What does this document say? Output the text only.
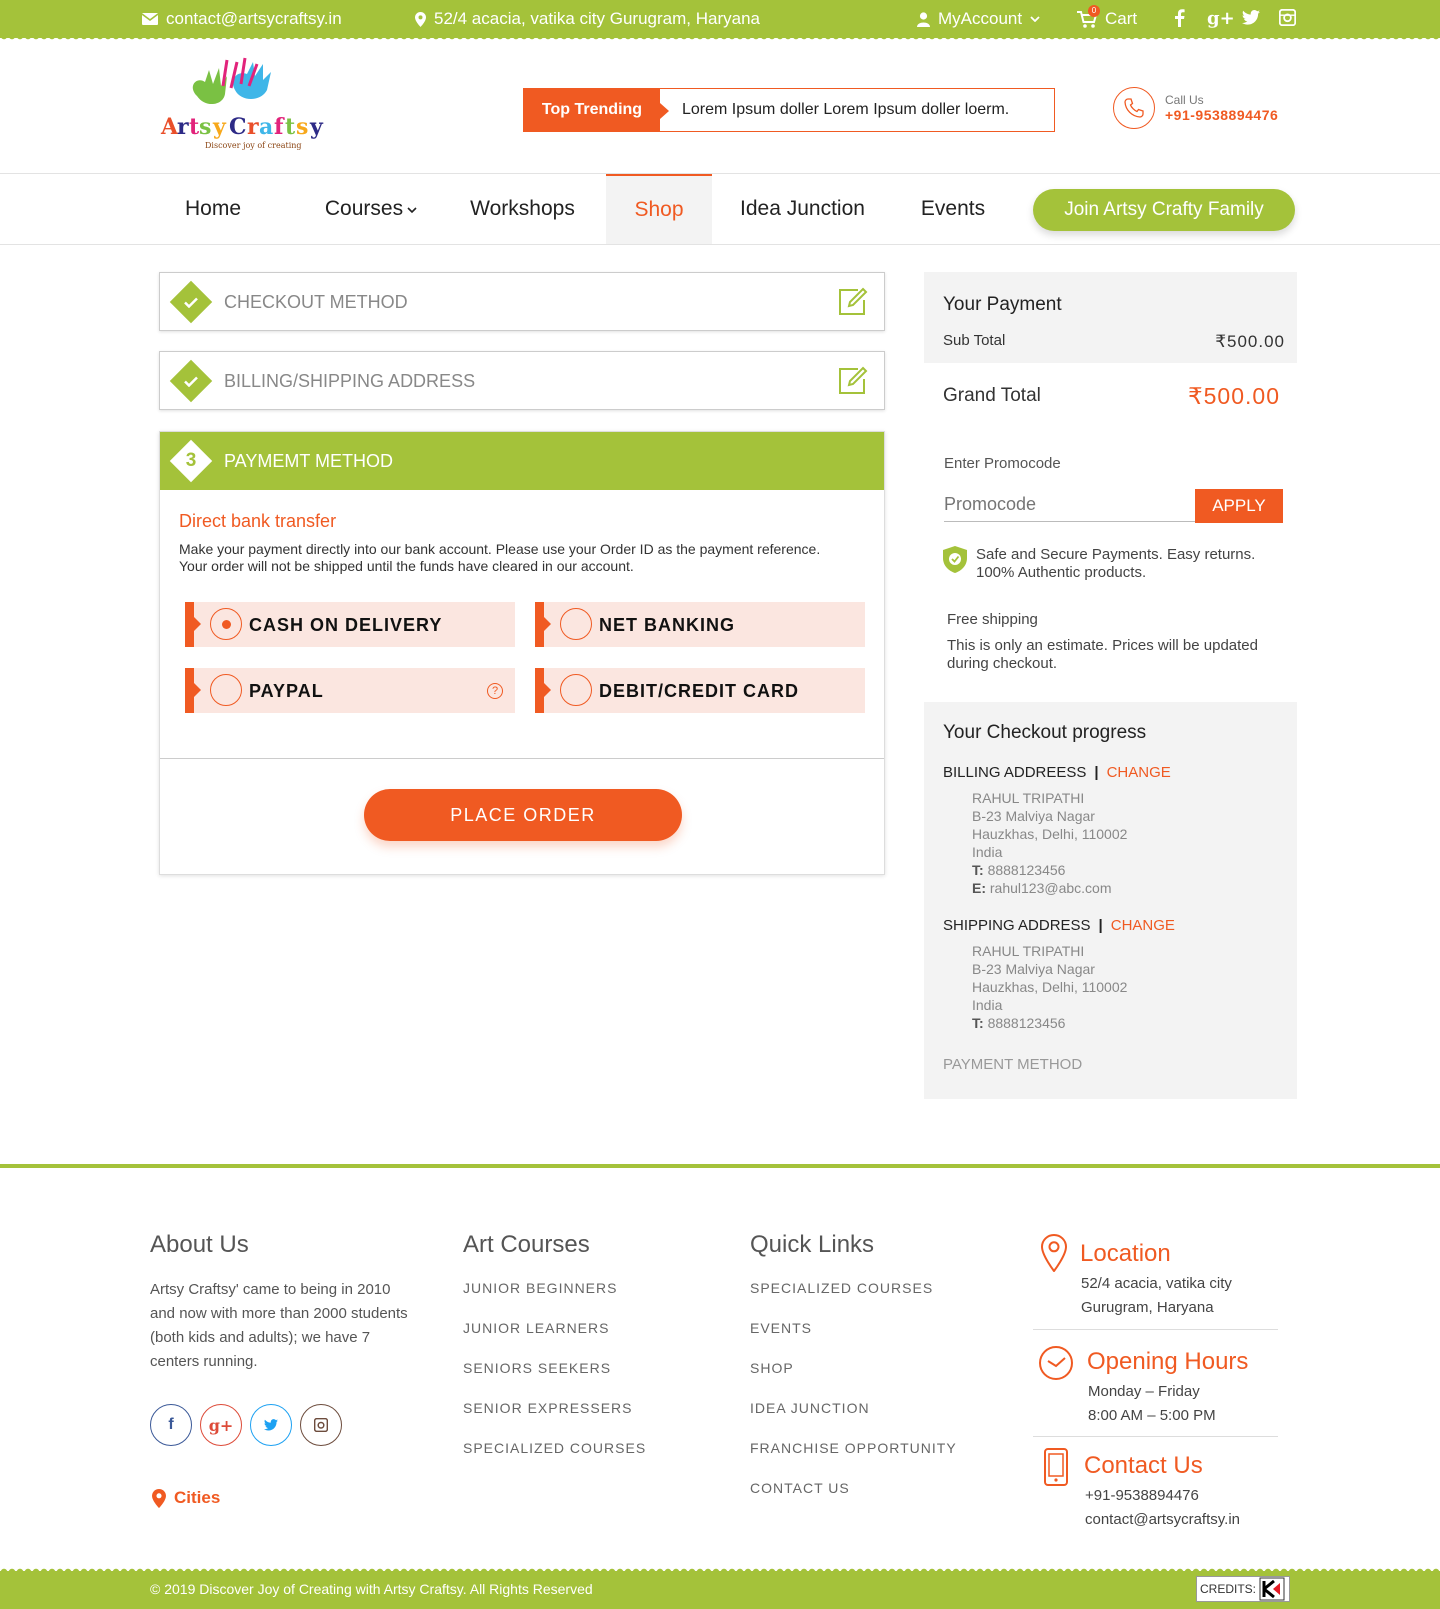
contact@artsycraftsy.in	52/4 acacia, vatika city Gurugram, Haryana	MyAccount	0 Cart	g+
A r t s y C r a f t s y
Discover joy of creating
Top Trending	Lorem Ipsum doller Lorem Ipsum doller loerm.
Call Us
+91-9538894476
Home	Courses	Workshops	Shop	Idea Junction	Events	Join Artsy Crafty Family
CHECKOUT METHOD
BILLING/SHIPPING ADDRESS
3	PAYMEMT METHOD
Direct bank transfer
Make your payment directly into our bank account. Please use your Order ID as the payment reference. Your order will not be shipped until the funds have cleared in our account.
CASH ON DELIVERY	NET BANKING
PAYPAL	?	DEBIT/CREDIT CARD
PLACE ORDER
Your Payment
Sub Total	₹500.00
Grand Total	₹500.00
Enter Promocode
Promocode
APPLY
Safe and Secure Payments. Easy returns. 100% Authentic products.
Free shipping
This is only an estimate. Prices will be updated during checkout.
Your Checkout progress
BILLING ADDREESS | CHANGE
RAHUL TRIPATHI
B-23 Malviya Nagar
Hauzkhas, Delhi, 110002
India
T: 8888123456
E: rahul123@abc.com
SHIPPING ADDRESS | CHANGE
RAHUL TRIPATHI
B-23 Malviya Nagar
Hauzkhas, Delhi, 110002
India
T: 8888123456
PAYMENT METHOD
About Us
Artsy Craftsy' came to being in 2010 and now with more than 2000 students (both kids and adults); we have 7 centers running.
f	g+
Cities
Art Courses
JUNIOR BEGINNERS
JUNIOR LEARNERS
SENIORS SEEKERS
SENIOR EXPRESSERS
SPECIALIZED COURSES
Quick Links
SPECIALIZED COURSES
EVENTS
SHOP
IDEA JUNCTION
FRANCHISE OPPORTUNITY
CONTACT US
Location
52/4 acacia, vatika city
Gurugram, Haryana
Opening Hours
Monday – Friday
8:00 AM – 5:00 PM
Contact Us
+91-9538894476
contact@artsycraftsy.in
© 2019 Discover Joy of Creating with Artsy Craftsy. All Rights Reserved	CREDITS:
